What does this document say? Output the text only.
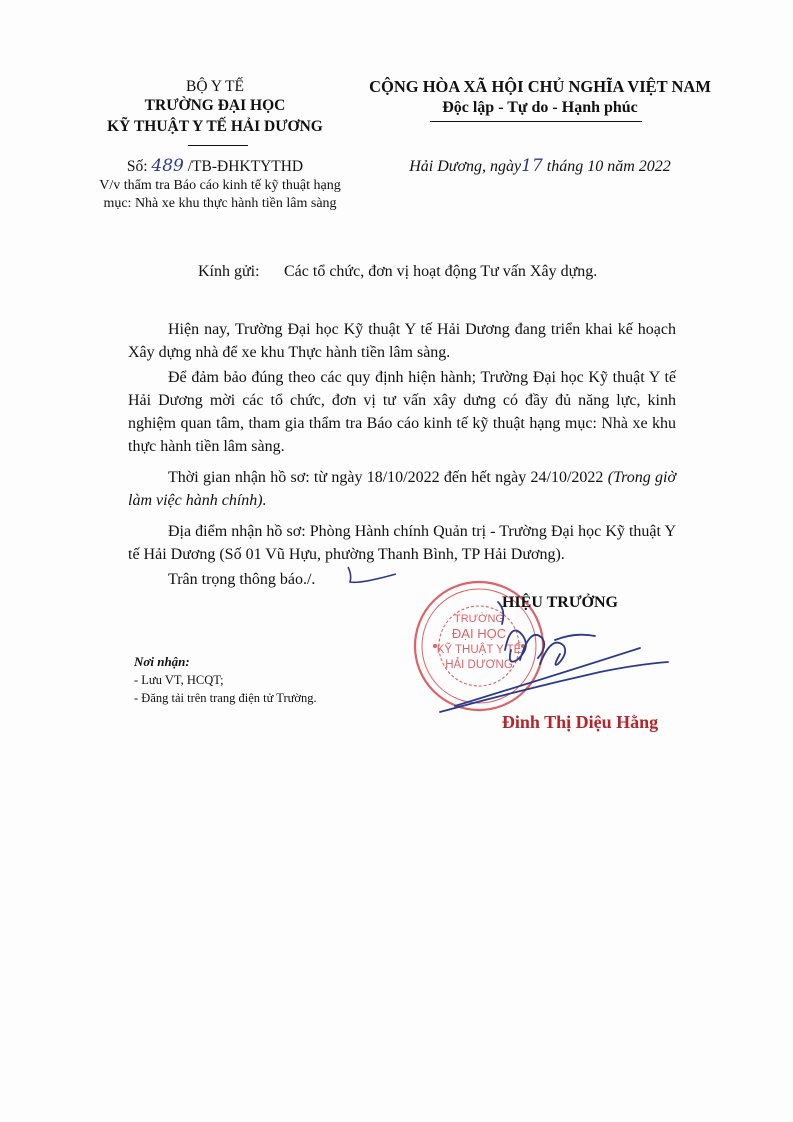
BỘ Y TẾ
TRƯỜNG ĐẠI HỌC
KỸ THUẬT Y TẾ HẢI DƯƠNG
Số: 489 /TB-ĐHKTYTHD
V/v thẩm tra Báo cáo kinh tế kỹ thuật hạng mục: Nhà xe khu thực hành tiền lâm sàng
CỘNG HÒA XÃ HỘI CHỦ NGHĨA VIỆT NAM
Độc lập - Tự do - Hạnh phúc
Hải Dương, ngày17 tháng 10 năm 2022
Kính gửi: Các tổ chức, đơn vị hoạt động Tư vấn Xây dựng.

Hiện nay, Trường Đại học Kỹ thuật Y tế Hải Dương đang triển khai kế hoạch Xây dựng nhà để xe khu Thực hành tiền lâm sàng.

Để đảm bảo đúng theo các quy định hiện hành; Trường Đại học Kỹ thuật Y tế Hải Dương mời các tổ chức, đơn vị tư vấn xây dưng có đầy đủ năng lực, kinh nghiệm quan tâm, tham gia thẩm tra Báo cáo kinh tế kỹ thuật hạng mục: Nhà xe khu thực hành tiền lâm sàng.

Thời gian nhận hồ sơ: từ ngày 18/10/2022 đến hết ngày 24/10/2022 (Trong giờ làm việc hành chính).

Địa điểm nhận hồ sơ: Phòng Hành chính Quản trị - Trường Đại học Kỹ thuật Y tế Hải Dương (Số 01 Vũ Hựu, phường Thanh Bình, TP Hải Dương).

Trân trọng thông báo./.

Nơi nhận:
- Lưu VT, HCQT;
- Đăng tải trên trang điện tử Trường.
TRƯỜNG
ĐẠI HỌC
KỸ THUẬT Y TẾ
HẢI DƯƠNG
HIỆU TRƯỞNG
Đinh Thị Diệu Hằng
